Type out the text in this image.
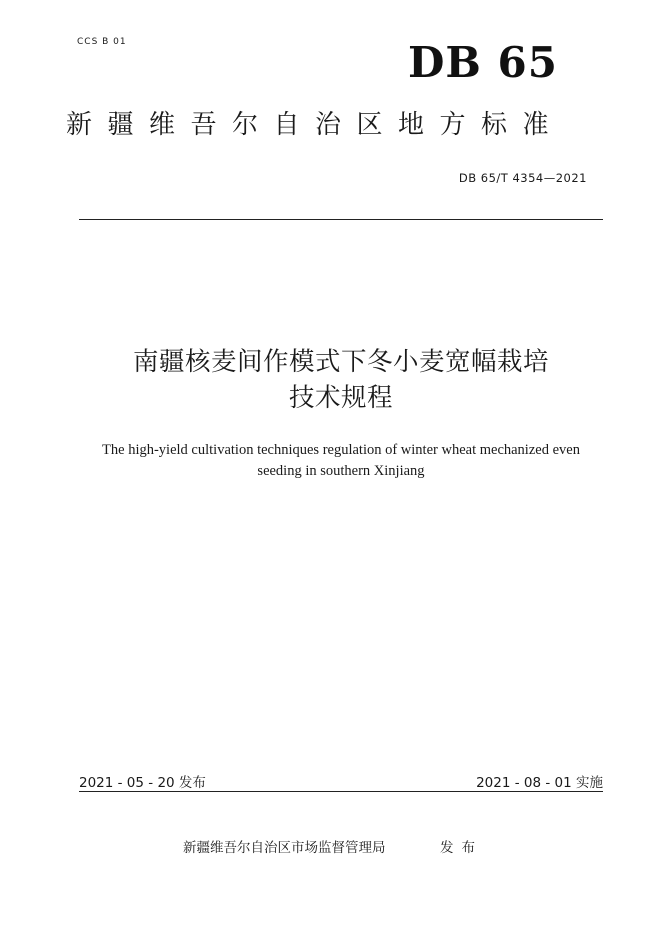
CCS B 01	DB 65
新疆维吾尔自治区地方标准
DB 65/T 4354—2021
南疆核麦间作模式下冬小麦宽幅栽培
技术规程
The high-yield cultivation techniques regulation of winter wheat mechanized even
seeding in southern Xinjiang
2021 - 05 - 20 发布	2021 - 08 - 01 实施
新疆维吾尔自治区市场监督管理局	发布
